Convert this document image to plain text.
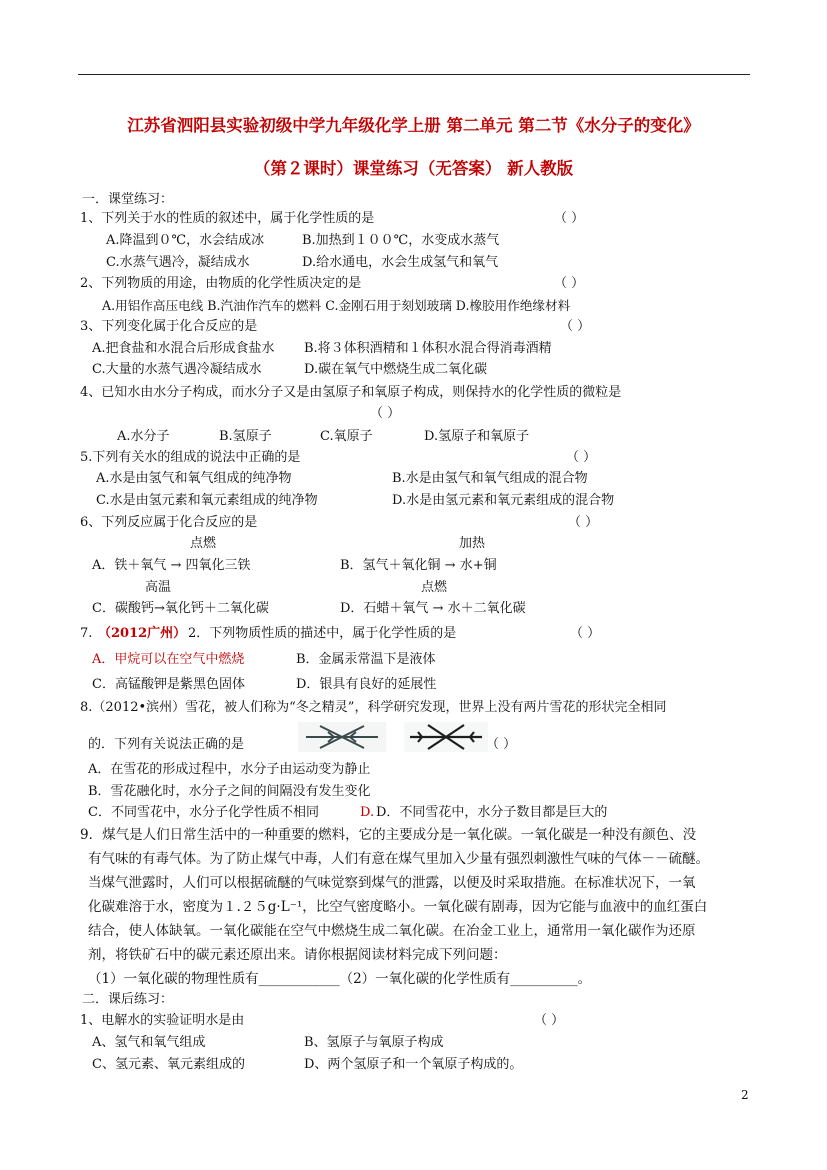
江苏省泗阳县实验初级中学九年级化学上册 第二单元 第二节《水分子的变化》
（第２课时）课堂练习（无答案） 新人教版
一．课堂练习：
1、下列关于水的性质的叙述中，属于化学性质的是	（ ）
A.降温到０℃，水会结成冰	B.加热到１００℃，水变成水蒸气
C.水蒸气遇冷，凝结成水	D.给水通电，水会生成氢气和氧气
2、下列物质的用途，由物质的化学性质决定的是	（ ）
A.用铝作高压电线 B.汽油作汽车的燃料 C.金刚石用于刻划玻璃 D.橡胶用作绝缘材料
3、下列变化属于化合反应的是	（ ）
A.把食盐和水混合后形成食盐水 B.将３体积酒精和１体积水混合得消毒酒精
C.大量的水蒸气遇冷凝结成水	D.碳在氧气中燃烧生成二氧化碳
4、已知水由水分子构成，而水分子又是由氢原子和氧原子构成，则保持水的化学性质的微粒是
（ ）
A.水分子	B.氢原子	C.氧原子	D.氢原子和氧原子
5.下列有关水的组成的说法中正确的是	（ ）
A.水是由氢气和氧气组成的纯净物	B.水是由氢气和氧气组成的混合物
C.水是由氢元素和氧元素组成的纯净物	D.水是由氢元素和氧元素组成的混合物
6、下列反应属于化合反应的是	（ ）
点燃	加热
A．铁＋氧气 → 四氧化三铁	B．氢气＋氧化铜 → 水+铜
高温	点燃
C．碳酸钙→氧化钙＋二氧化碳	D．石蜡＋氧气 → 水＋二氧化碳
7. （2012广州） 2．下列物质性质的描述中，属于化学性质的是	（ ）
A．甲烷可以在空气中燃烧	B．金属汞常温下是液体
C．高锰酸钾是紫黑色固体	D．银具有良好的延展性
8.（2012•滨州）雪花，被人们称为“冬之精灵”，科学研究发现，世界上没有两片雪花的形状完全相同
的．下列有关说法正确的是	（ ）
A．在雪花的形成过程中，水分子由运动变为静止
B．雪花融化时，水分子之间的间隔没有发生变化
C．不同雪花中，水分子化学性质不相同	D. D．不同雪花中，水分子数目都是巨大的
9．煤气是人们日常生活中的一种重要的燃料，它的主要成分是一氧化碳。一氧化碳是一种没有颜色、没
有气味的有毒气体。为了防止煤气中毒，人们有意在煤气里加入少量有强烈刺激性气味的气体－－硫醚。
当煤气泄露时，人们可以根据硫醚的气味觉察到煤气的泄露，以便及时采取措施。在标准状况下，一氧
化碳难溶于水，密度为１.２５g·L⁻¹，比空气密度略小。一氧化碳有剧毒，因为它能与血液中的血红蛋白
结合，使人体缺氧。一氧化碳能在空气中燃烧生成二氧化碳。在冶金工业上，通常用一氧化碳作为还原
剂，将铁矿石中的碳元素还原出来。请你根据阅读材料完成下列问题：
（1）一氧化碳的物理性质有____________（2）一氧化碳的化学性质有__________。
二．课后练习：
1、电解水的实验证明水是由	（ ）
A、氢气和氧气组成	B、氢原子与氧原子构成
C、氢元素、氧元素组成的	D、两个氢原子和一个氧原子构成的。
2
